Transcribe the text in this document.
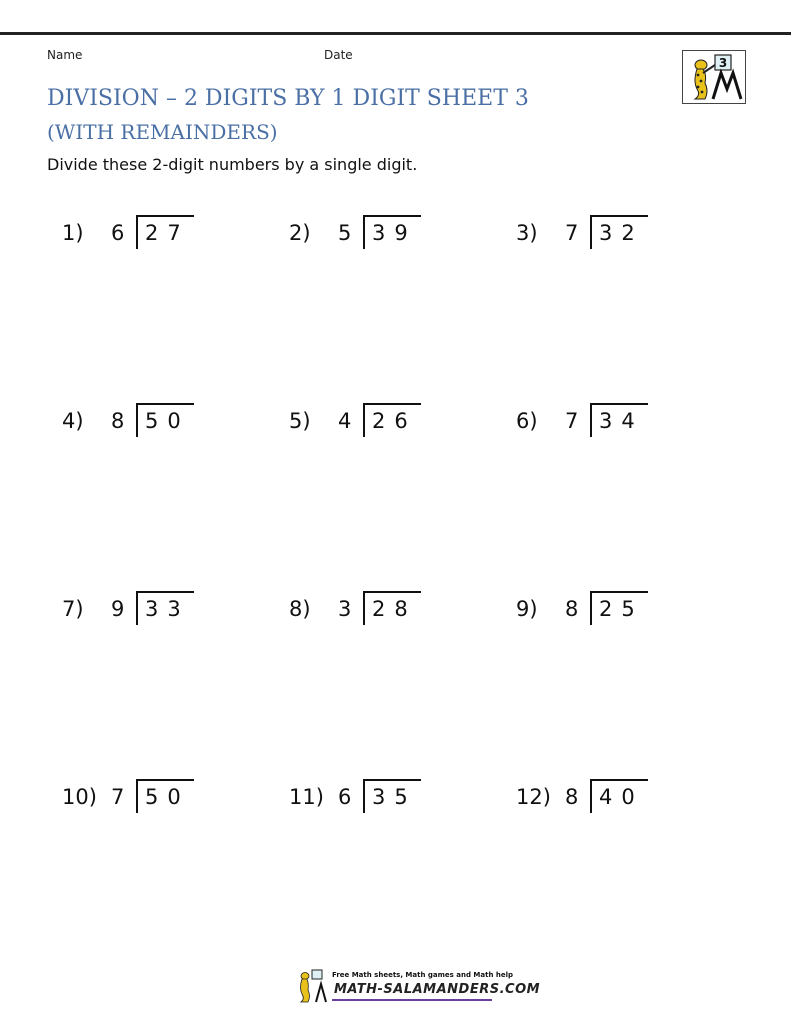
Name	Date
3
DIVISION – 2 DIGITS BY 1 DIGIT SHEET 3
(WITH REMAINDERS)
Divide these 2-digit numbers by a single digit.
1) 6 27	2) 5 39	3) 7 32
4) 8 50	5) 4 26	6) 7 34
7) 9 33	8) 3 28	9) 8 25
10) 7 50	11) 6 35	12) 8 40
Free Math sheets, Math games and Math help
MATH-SALAMANDERS.COM
